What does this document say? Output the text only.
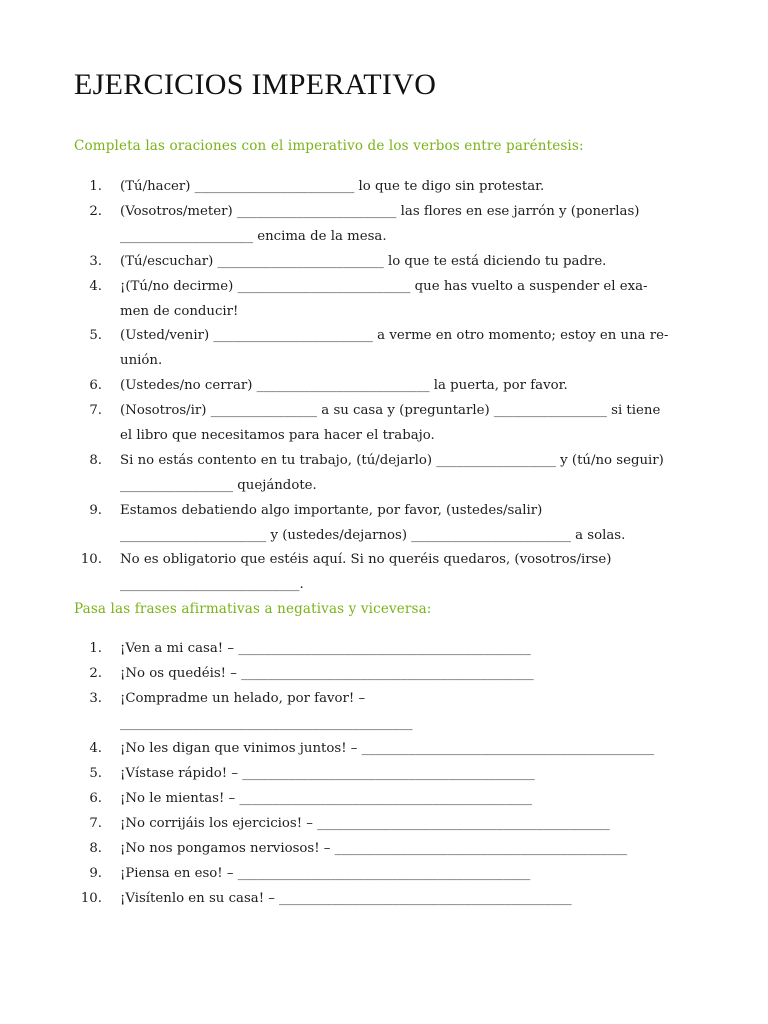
EJERCICIOS IMPERATIVO

Completa las oraciones con el imperativo de los verbos entre paréntesis:

1. (Tú/hacer) ________________________ lo que te digo sin protestar.
2. (Vosotros/meter) ________________________ las flores en ese jarrón y (ponerlas)
____________________ encima de la mesa.
3. (Tú/escuchar) _________________________ lo que te está diciendo tu padre.
4. ¡(Tú/no decirme) __________________________ que has vuelto a suspender el exa-
men de conducir!
5. (Usted/venir) ________________________ a verme en otro momento; estoy en una re-
unión.
6. (Ustedes/no cerrar) __________________________ la puerta, por favor.
7. (Nosotros/ir) ________________ a su casa y (preguntarle) _________________ si tiene
el libro que necesitamos para hacer el trabajo.
8. Si no estás contento en tu trabajo, (tú/dejarlo) __________________ y (tú/no seguir)
_________________ quejándote.
9. Estamos debatiendo algo importante, por favor, (ustedes/salir)
______________________ y (ustedes/dejarnos) ________________________ a solas.
10. No es obligatorio que estéis aquí. Si no queréis quedaros, (vosotros/irse)
___________________________.

Pasa las frases afirmativas a negativas y viceversa:

1. ¡Ven a mi casa! – ____________________________________________
2. ¡No os quedéis! – ____________________________________________
3. ¡Compradme un helado, por favor! –
____________________________________________
4. ¡No les digan que vinimos juntos! – ____________________________________________
5. ¡Vístase rápido! – ____________________________________________
6. ¡No le mientas! – ____________________________________________
7. ¡No corrijáis los ejercicios! – ____________________________________________
8. ¡No nos pongamos nerviosos! – ____________________________________________
9. ¡Piensa en eso! – ____________________________________________
10. ¡Visítenlo en su casa! – ____________________________________________
